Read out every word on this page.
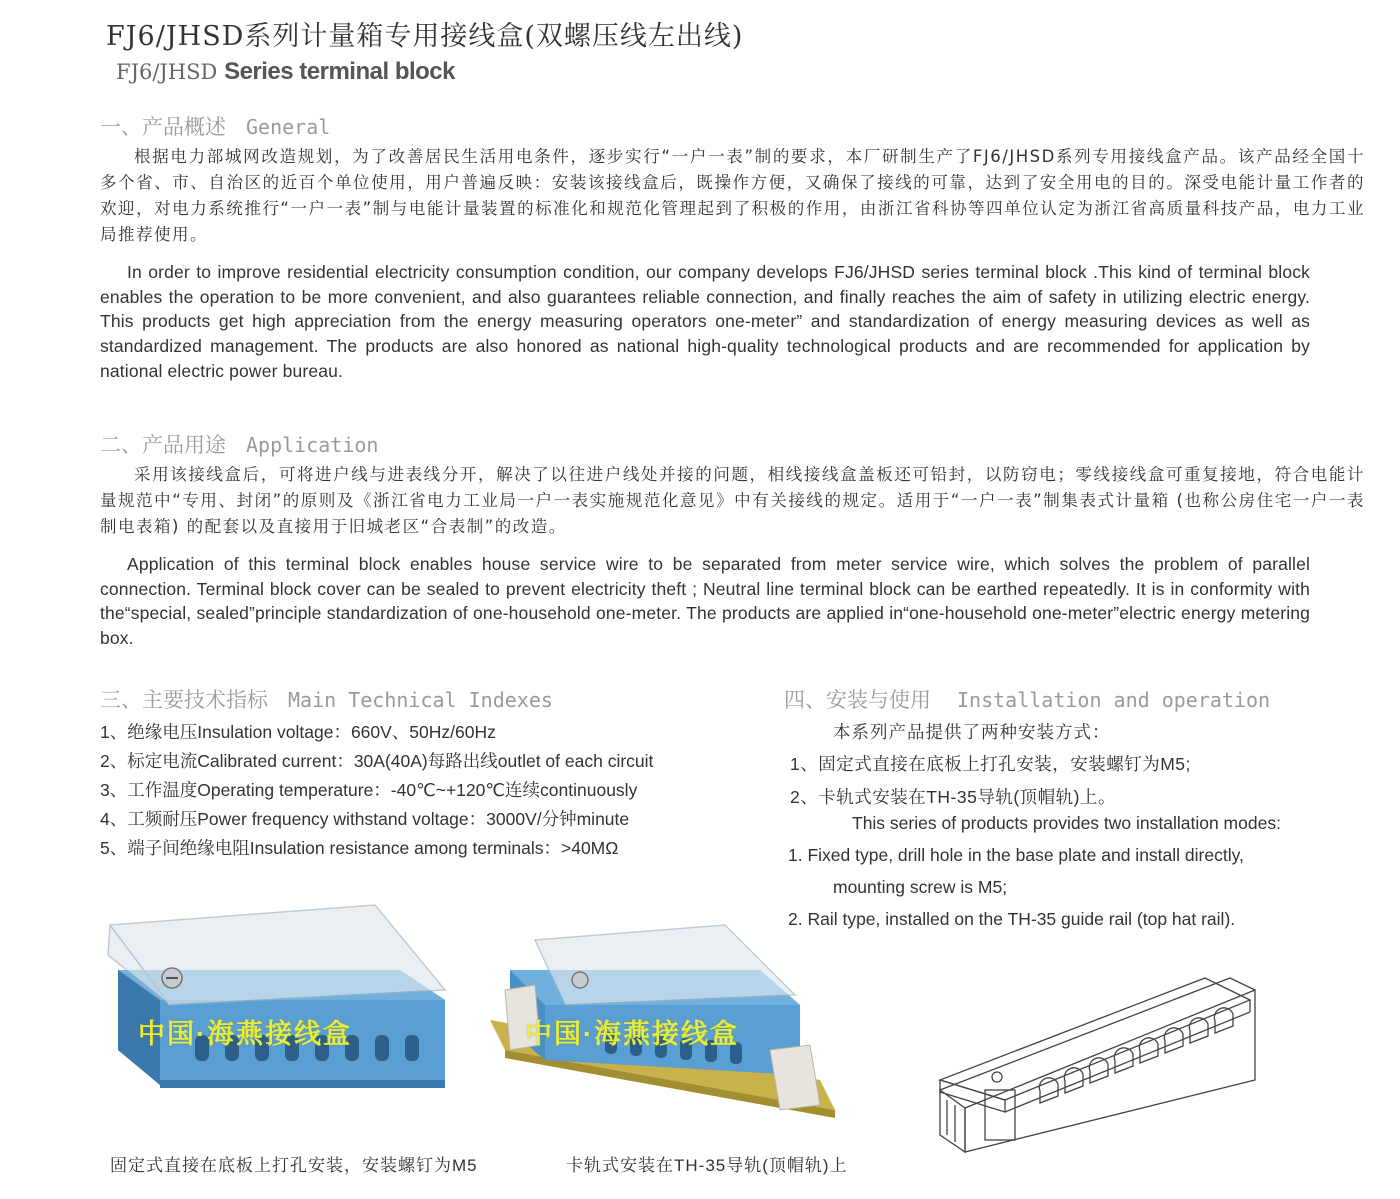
FJ6/JHSD系列计量箱专用接线盒(双螺压线左出线)
FJ6/JHSD Series terminal block
一、产品概述 General
根据电力部城网改造规划，为了改善居民生活用电条件，逐步实行“一户一表”制的要求，本厂研制生产了FJ6/JHSD系列专用接线盒产品。该产品经全国十多个省、市、自治区的近百个单位使用，用户普遍反映：安装该接线盒后，既操作方便，又确保了接线的可靠，达到了安全用电的目的。深受电能计量工作者的欢迎，对电力系统推行“一户一表”制与电能计量装置的标准化和规范化管理起到了积极的作用，由浙江省科协等四单位认定为浙江省高质量科技产品，电力工业局推荐使用。
In order to improve residential electricity consumption condition, our company develops FJ6/JHSD series terminal block .This kind of terminal block enables the operation to be more convenient, and also guarantees reliable connection, and finally reaches the aim of safety in utilizing electric energy. This products get high appreciation from the energy measuring operators one-meter” and standardization of energy measuring devices as well as standardized management. The products are also honored as national high-quality technological products and are recommended for application by national electric power bureau.
二、产品用途 Application
采用该接线盒后，可将进户线与进表线分开，解决了以往进户线处并接的问题，相线接线盒盖板还可铅封，以防窃电；零线接线盒可重复接地，符合电能计量规范中“专用、封闭”的原则及《浙江省电力工业局一户一表实施规范化意见》中有关接线的规定。适用于“一户一表”制集表式计量箱 (也称公房住宅一户一表制电表箱) 的配套以及直接用于旧城老区“合表制”的改造。
Application of this terminal block enables house service wire to be separated from meter service wire, which solves the problem of parallel connection. Terminal block cover can be sealed to prevent electricity theft ; Neutral line terminal block can be earthed repeatedly. It is in conformity with the“special, sealed”principle standardization of one-household one-meter. The products are applied in“one-household one-meter”electric energy metering box.
三、主要技术指标 Main Technical Indexes
1、绝缘电压Insulation voltage：660V、50Hz/60Hz
2、标定电流Calibrated current：30A(40A)每路出线outlet of each circuit
3、工作温度Operating temperature：-40℃~+120℃连续continuously
4、工频耐压Power frequency withstand voltage：3000V/分钟minute
5、端子间绝缘电阻Insulation resistance among terminals：>40MΩ
四、安装与使用 Installation and operation
本系列产品提供了两种安装方式：
1、固定式直接在底板上打孔安装，安装螺钉为M5;
2、卡轨式安装在TH-35导轨(顶帽轨)上。
This series of products provides two installation modes:
1. Fixed type, drill hole in the base plate and install directly,
mounting screw is M5;
2. Rail type, installed on the TH-35 guide rail (top hat rail).
中国·海燕接线盒	中国·海燕接线盒
固定式直接在底板上打孔安装，安装螺钉为M5	卡轨式安装在TH-35导轨(顶帽轨)上
